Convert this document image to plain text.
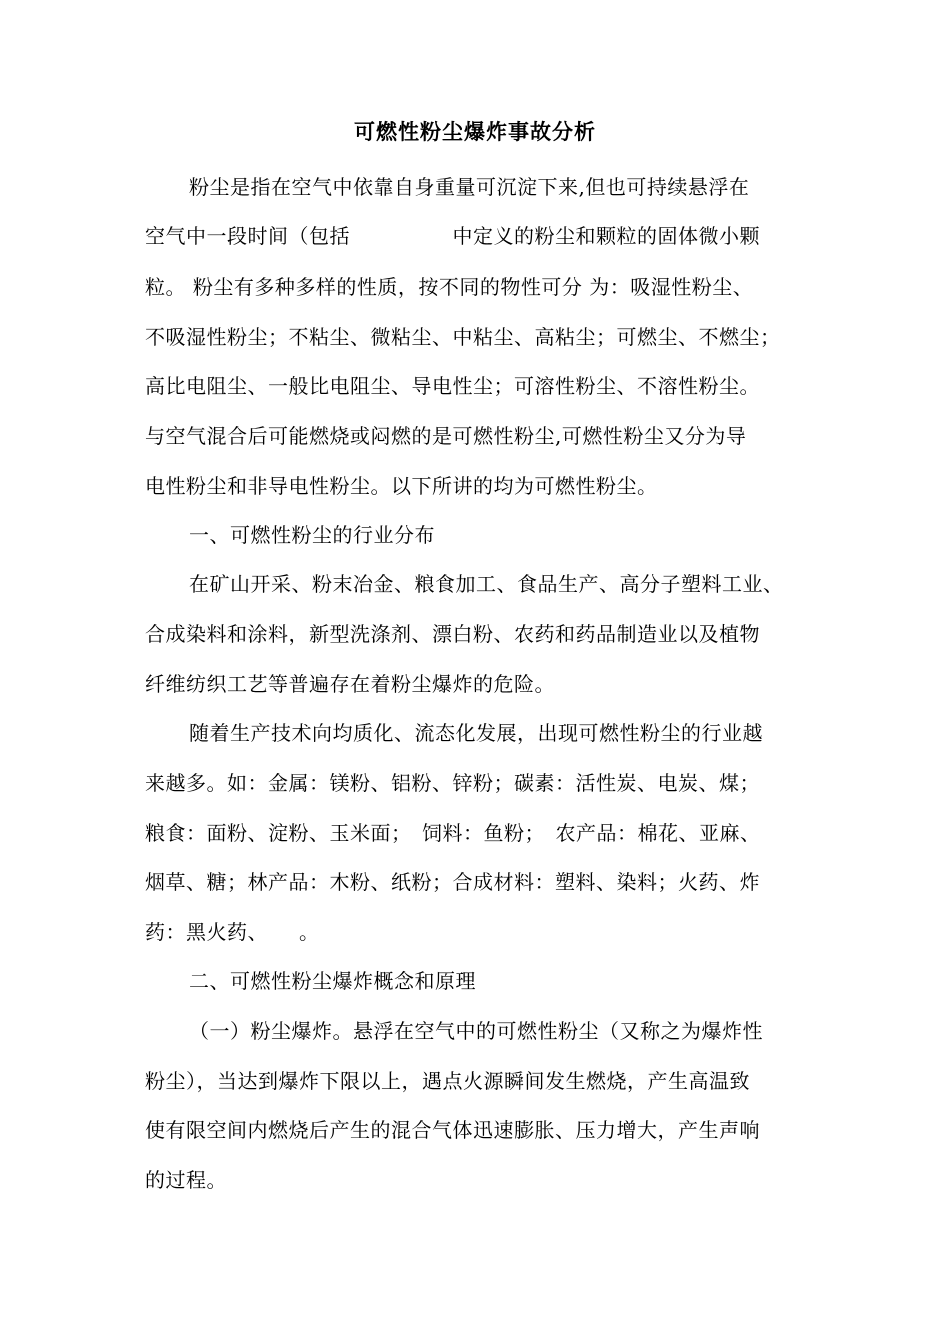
可燃性粉尘爆炸事故分析
粉尘是指在空气中依靠自身重量可沉淀下来,但也可持续悬浮在
空气中一段时间（包括　　　　　中定义的粉尘和颗粒的固体微小颗
粒。 粉尘有多种多样的性质，按不同的物性可分 为：吸湿性粉尘、
不吸湿性粉尘；不粘尘、微粘尘、中粘尘、高粘尘；可燃尘、不燃尘；
高比电阻尘、一般比电阻尘、导电性尘；可溶性粉尘、不溶性粉尘。
与空气混合后可能燃烧或闷燃的是可燃性粉尘,可燃性粉尘又分为导
电性粉尘和非导电性粉尘。以下所讲的均为可燃性粉尘。
一、可燃性粉尘的行业分布
在矿山开采、粉末冶金、粮食加工、食品生产、高分子塑料工业、
合成染料和涂料，新型洗涤剂、漂白粉、农药和药品制造业以及植物
纤维纺织工艺等普遍存在着粉尘爆炸的危险。
随着生产技术向均质化、流态化发展，出现可燃性粉尘的行业越
来越多。如：金属：镁粉、铝粉、锌粉；碳素：活性炭、电炭、煤；
粮食：面粉、淀粉、玉米面；　饲料：鱼粉；　农产品：棉花、亚麻、
烟草、糖；林产品：木粉、纸粉；合成材料：塑料、染料；火药、炸
药：黑火药、　　。
二、可燃性粉尘爆炸概念和原理
（一）粉尘爆炸。悬浮在空气中的可燃性粉尘（又称之为爆炸性
粉尘），当达到爆炸下限以上，遇点火源瞬间发生燃烧，产生高温致
使有限空间内燃烧后产生的混合气体迅速膨胀、压力增大，产生声响
的过程。
